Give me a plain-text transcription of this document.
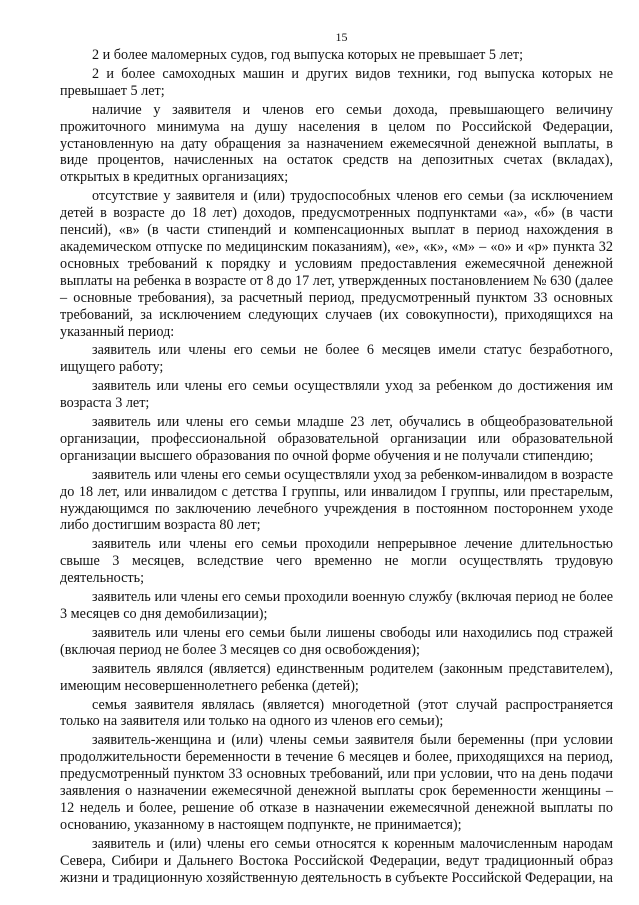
15

2 и более маломерных судов, год выпуска которых не превышает 5 лет;

2 и более самоходных машин и других видов техники, год выпуска которых не превышает 5 лет;

наличие у заявителя и членов его семьи дохода, превышающего величину прожиточного минимума на душу населения в целом по Российской Федерации, установленную на дату обращения за назначением ежемесячной денежной выплаты, в виде процентов, начисленных на остаток средств на депозитных счетах (вкладах), открытых в кредитных организациях;

отсутствие у заявителя и (или) трудоспособных членов его семьи (за исключением детей в возрасте до 18 лет) доходов, предусмотренных подпунктами «а», «б» (в части пенсий), «в» (в части стипендий и компенсационных выплат в период нахождения в академическом отпуске по медицинским показаниям), «е», «к», «м» – «о» и «р» пункта 32 основных требований к порядку и условиям предоставления ежемесячной денежной выплаты на ребенка в возрасте от 8 до 17 лет, утвержденных постановлением № 630 (далее – основные требования), за расчетный период, предусмотренный пунктом 33 основных требований, за исключением следующих случаев (их совокупности), приходящихся на указанный период:

заявитель или члены его семьи не более 6 месяцев имели статус безработного, ищущего работу;

заявитель или члены его семьи осуществляли уход за ребенком до достижения им возраста 3 лет;

заявитель или члены его семьи младше 23 лет, обучались в общеобразовательной организации, профессиональной образовательной организации или образовательной организации высшего образования по очной форме обучения и не получали стипендию;

заявитель или члены его семьи осуществляли уход за ребенком-инвалидом в возрасте до 18 лет, или инвалидом с детства I группы, или инвалидом I группы, или престарелым, нуждающимся по заключению лечебного учреждения в постоянном постороннем уходе либо достигшим возраста 80 лет;

заявитель или члены его семьи проходили непрерывное лечение длительностью свыше 3 месяцев, вследствие чего временно не могли осуществлять трудовую деятельность;

заявитель или члены его семьи проходили военную службу (включая период не более 3 месяцев со дня демобилизации);

заявитель или члены его семьи были лишены свободы или находились под стражей (включая период не более 3 месяцев со дня освобождения);

заявитель являлся (является) единственным родителем (законным представителем), имеющим несовершеннолетнего ребенка (детей);

семья заявителя являлась (является) многодетной (этот случай распространяется только на заявителя или только на одного из членов его семьи);

заявитель-женщина и (или) члены семьи заявителя были беременны (при условии продолжительности беременности в течение 6 месяцев и более, приходящихся на период, предусмотренный пунктом 33 основных требований, или при условии, что на день подачи заявления о назначении ежемесячной денежной выплаты срок беременности женщины – 12 недель и более, решение об отказе в назначении ежемесячной денежной выплаты по основанию, указанному в настоящем подпункте, не принимается);

заявитель и (или) члены его семьи относятся к коренным малочисленным народам Севера, Сибири и Дальнего Востока Российской Федерации, ведут традиционный образ жизни и традиционную хозяйственную деятельность в субъекте Российской Федерации, на
